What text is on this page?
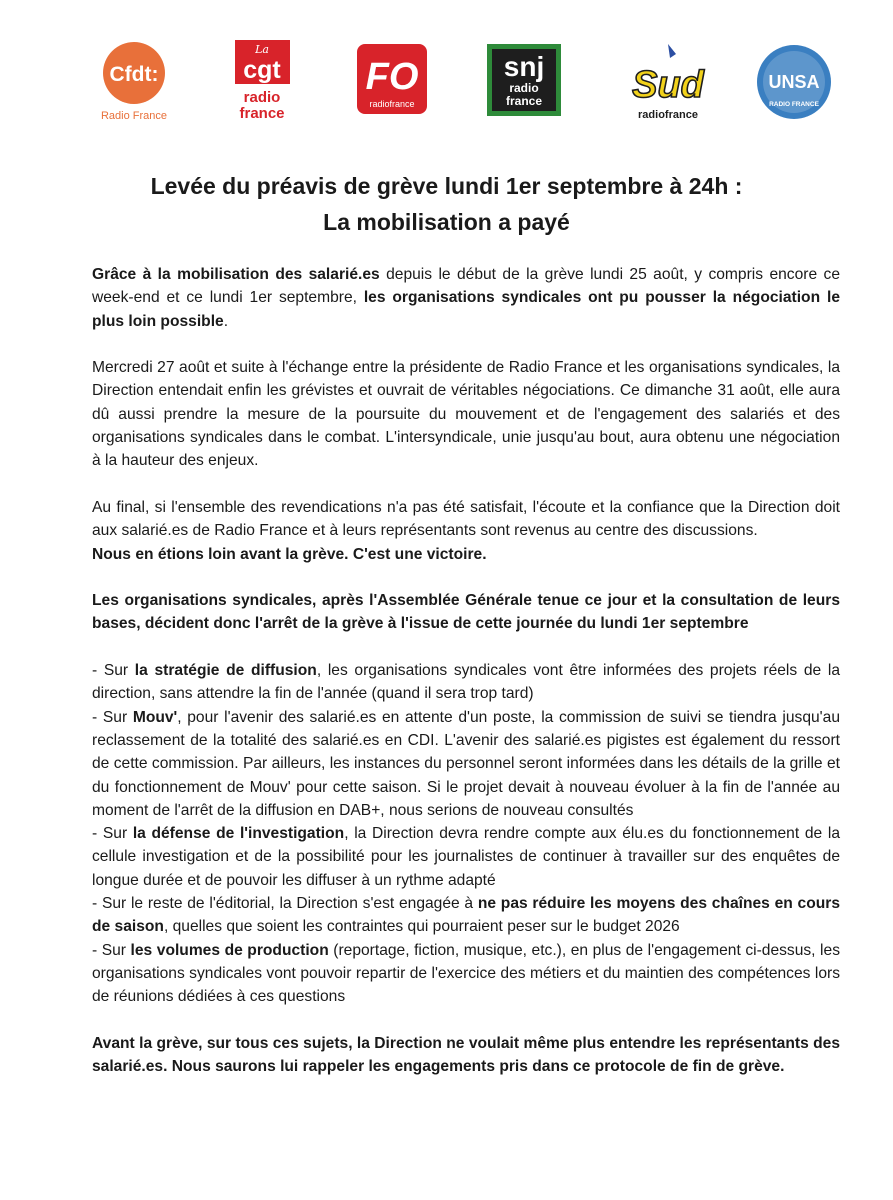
Cfdt:
Radio France
La
cgt
radio
france
FO
radiofrance
snj
radio
france Sud
radiofrance
UNSA
RADIO FRANCE
Levée du préavis de grève lundi 1er septembre à 24h :
La mobilisation a payé

Grâce à la mobilisation des salarié.es depuis le début de la grève lundi 25 août, y compris encore ce week-end et ce lundi 1er septembre, les organisations syndicales ont pu pousser la négociation le plus loin possible.

Mercredi 27 août et suite à l'échange entre la présidente de Radio France et les organisations syndicales, la Direction entendait enfin les grévistes et ouvrait de véritables négociations. Ce dimanche 31 août, elle aura dû aussi prendre la mesure de la poursuite du mouvement et de l'engagement des salariés et des organisations syndicales dans le combat. L'intersyndicale, unie jusqu'au bout, aura obtenu une négociation à la hauteur des enjeux.

Au final, si l'ensemble des revendications n'a pas été satisfait, l'écoute et la confiance que la Direction doit aux salarié.es de Radio France et à leurs représentants sont revenus au centre des discussions.

Nous en étions loin avant la grève. C'est une victoire.

Les organisations syndicales, après l'Assemblée Générale tenue ce jour et la consultation de leurs bases, décident donc l'arrêt de la grève à l'issue de cette journée du lundi 1er septembre

- Sur la stratégie de diffusion, les organisations syndicales vont être informées des projets réels de la direction, sans attendre la fin de l'année (quand il sera trop tard)

- Sur Mouv', pour l'avenir des salarié.es en attente d'un poste, la commission de suivi se tiendra jusqu'au reclassement de la totalité des salarié.es en CDI. L'avenir des salarié.es pigistes est également du ressort de cette commission. Par ailleurs, les instances du personnel seront informées dans les détails de la grille et du fonctionnement de Mouv' pour cette saison. Si le projet devait à nouveau évoluer à la fin de l'année au moment de l'arrêt de la diffusion en DAB+, nous serions de nouveau consultés

- Sur la défense de l'investigation, la Direction devra rendre compte aux élu.es du fonctionnement de la cellule investigation et de la possibilité pour les journalistes de continuer à travailler sur des enquêtes de longue durée et de pouvoir les diffuser à un rythme adapté

- Sur le reste de l'éditorial, la Direction s'est engagée à ne pas réduire les moyens des chaînes en cours de saison, quelles que soient les contraintes qui pourraient peser sur le budget 2026

- Sur les volumes de production (reportage, fiction, musique, etc.), en plus de l'engagement ci-dessus, les organisations syndicales vont pouvoir repartir de l'exercice des métiers et du maintien des compétences lors de réunions dédiées à ces questions

Avant la grève, sur tous ces sujets, la Direction ne voulait même plus entendre les représentants des salarié.es. Nous saurons lui rappeler les engagements pris dans ce protocole de fin de grève.
